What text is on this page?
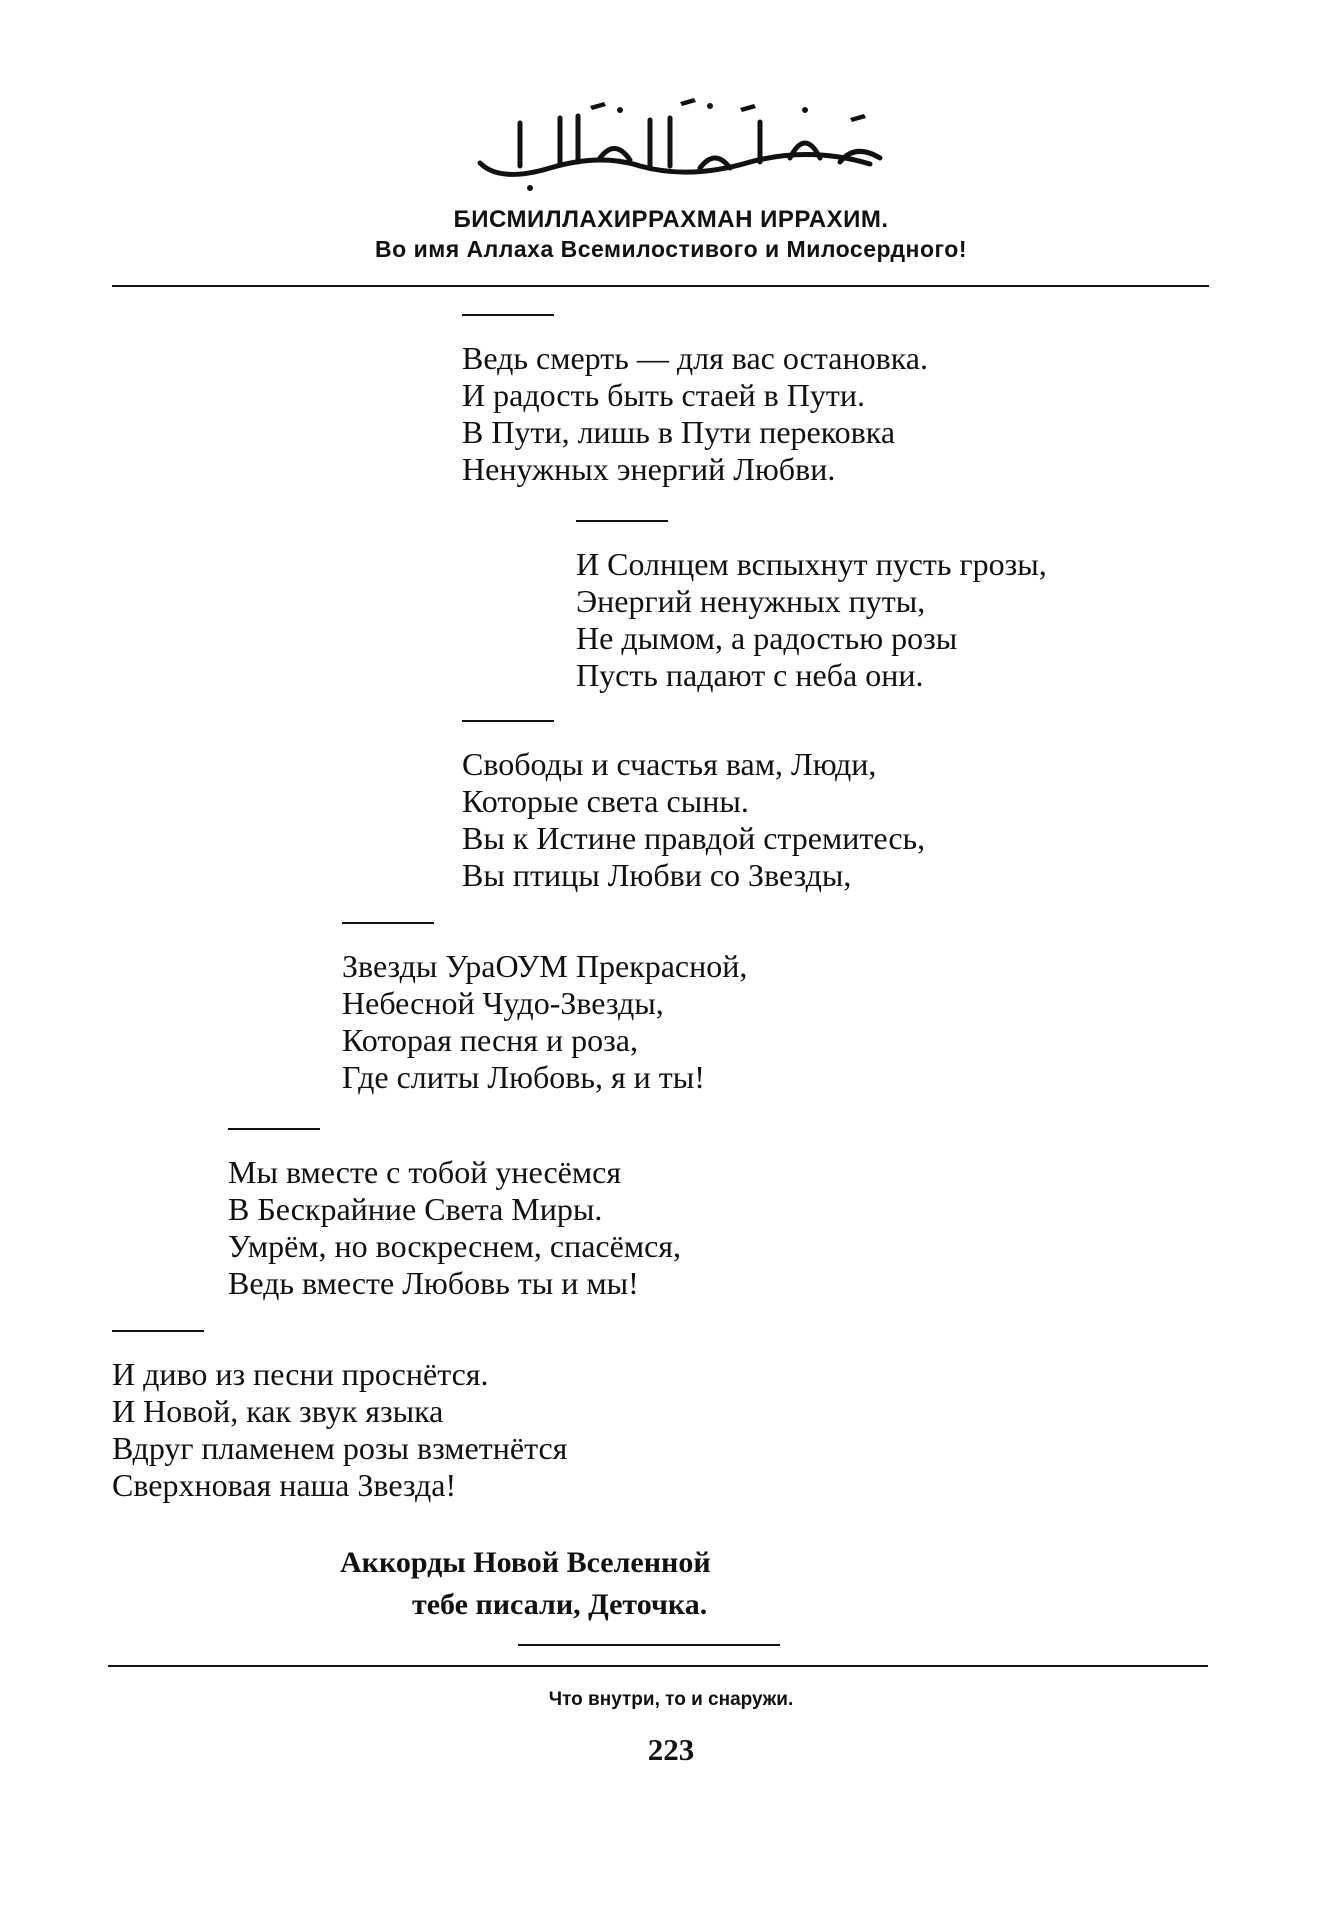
БИСМИЛЛАХИРРАХМАН ИРРАХИМ.
Во имя Аллаха Всемилостивого и Милосердного!
Ведь смерть — для вас остановка.
И радость быть стаей в Пути.
В Пути, лишь в Пути перековка
Ненужных энергий Любви.
И Солнцем вспыхнут пусть грозы,
Энергий ненужных путы,
Не дымом, а радостью розы
Пусть падают с неба они.
Свободы и счастья вам, Люди,
Которые света сыны.
Вы к Истине правдой стремитесь,
Вы птицы Любви со Звезды,
Звезды УраОУМ Прекрасной,
Небесной Чудо-Звезды,
Которая песня и роза,
Где слиты Любовь, я и ты!
Мы вместе с тобой унесёмся
В Бескрайние Света Миры.
Умрём, но воскреснем, спасёмся,
Ведь вместе Любовь ты и мы!
И диво из песни проснётся.
И Новой, как звук языка
Вдруг пламенем розы взметнётся
Сверхновая наша Звезда!
Аккорды Новой Вселенной
тебе писали, Деточка.
Что внутри, то и снаружи.
223
